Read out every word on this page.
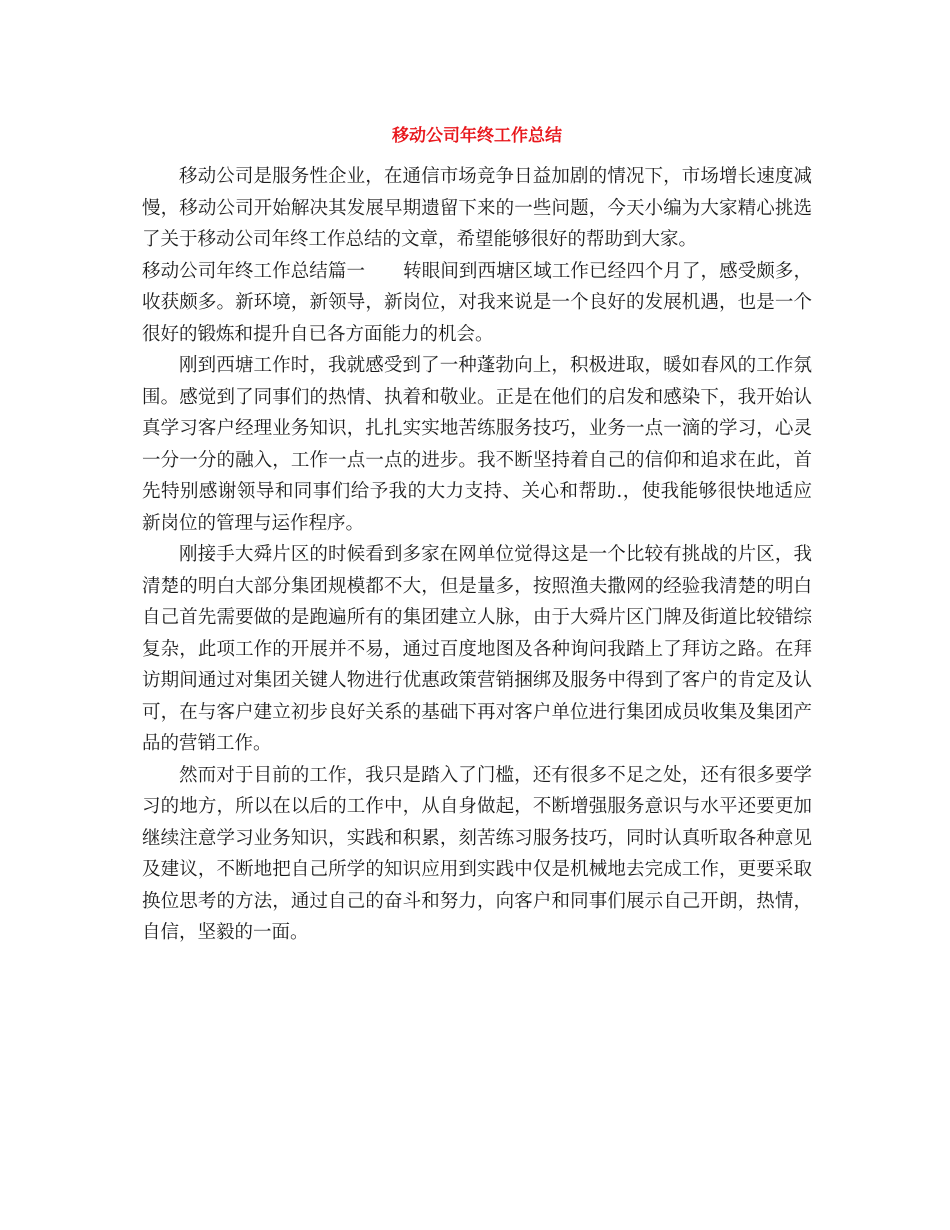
移动公司年终工作总结

移动公司是服务性企业，在通信市场竞争日益加剧的情况下，市场增长速度减慢，移动公司开始解决其发展早期遗留下来的一些问题，今天小编为大家精心挑选了关于移动公司年终工作总结的文章，希望能够很好的帮助到大家。

移动公司年终工作总结篇一 转眼间到西塘区域工作已经四个月了，感受颇多，收获颇多。新环境，新领导，新岗位，对我来说是一个良好的发展机遇，也是一个很好的锻炼和提升自已各方面能力的机会。

刚到西塘工作时，我就感受到了一种蓬勃向上，积极进取，暖如春风的工作氛围。感觉到了同事们的热情、执着和敬业。正是在他们的启发和感染下，我开始认真学习客户经理业务知识，扎扎实实地苦练服务技巧，业务一点一滴的学习，心灵一分一分的融入，工作一点一点的进步。我不断坚持着自己的信仰和追求在此，首先特别感谢领导和同事们给予我的大力支持、关心和帮助.，使我能够很快地适应新岗位的管理与运作程序。

刚接手大舜片区的时候看到多家在网单位觉得这是一个比较有挑战的片区，我清楚的明白大部分集团规模都不大，但是量多，按照渔夫撒网的经验我清楚的明白自己首先需要做的是跑遍所有的集团建立人脉，由于大舜片区门牌及街道比较错综复杂，此项工作的开展并不易，通过百度地图及各种询问我踏上了拜访之路。在拜访期间通过对集团关键人物进行优惠政策营销捆绑及服务中得到了客户的肯定及认可，在与客户建立初步良好关系的基础下再对客户单位进行集团成员收集及集团产品的营销工作。

然而对于目前的工作，我只是踏入了门槛，还有很多不足之处，还有很多要学习的地方，所以在以后的工作中，从自身做起，不断增强服务意识与水平还要更加继续注意学习业务知识，实践和积累，刻苦练习服务技巧，同时认真听取各种意见及建议，不断地把自己所学的知识应用到实践中仅是机械地去完成工作，更要采取换位思考的方法，通过自己的奋斗和努力，向客户和同事们展示自己开朗，热情，自信，坚毅的一面。
